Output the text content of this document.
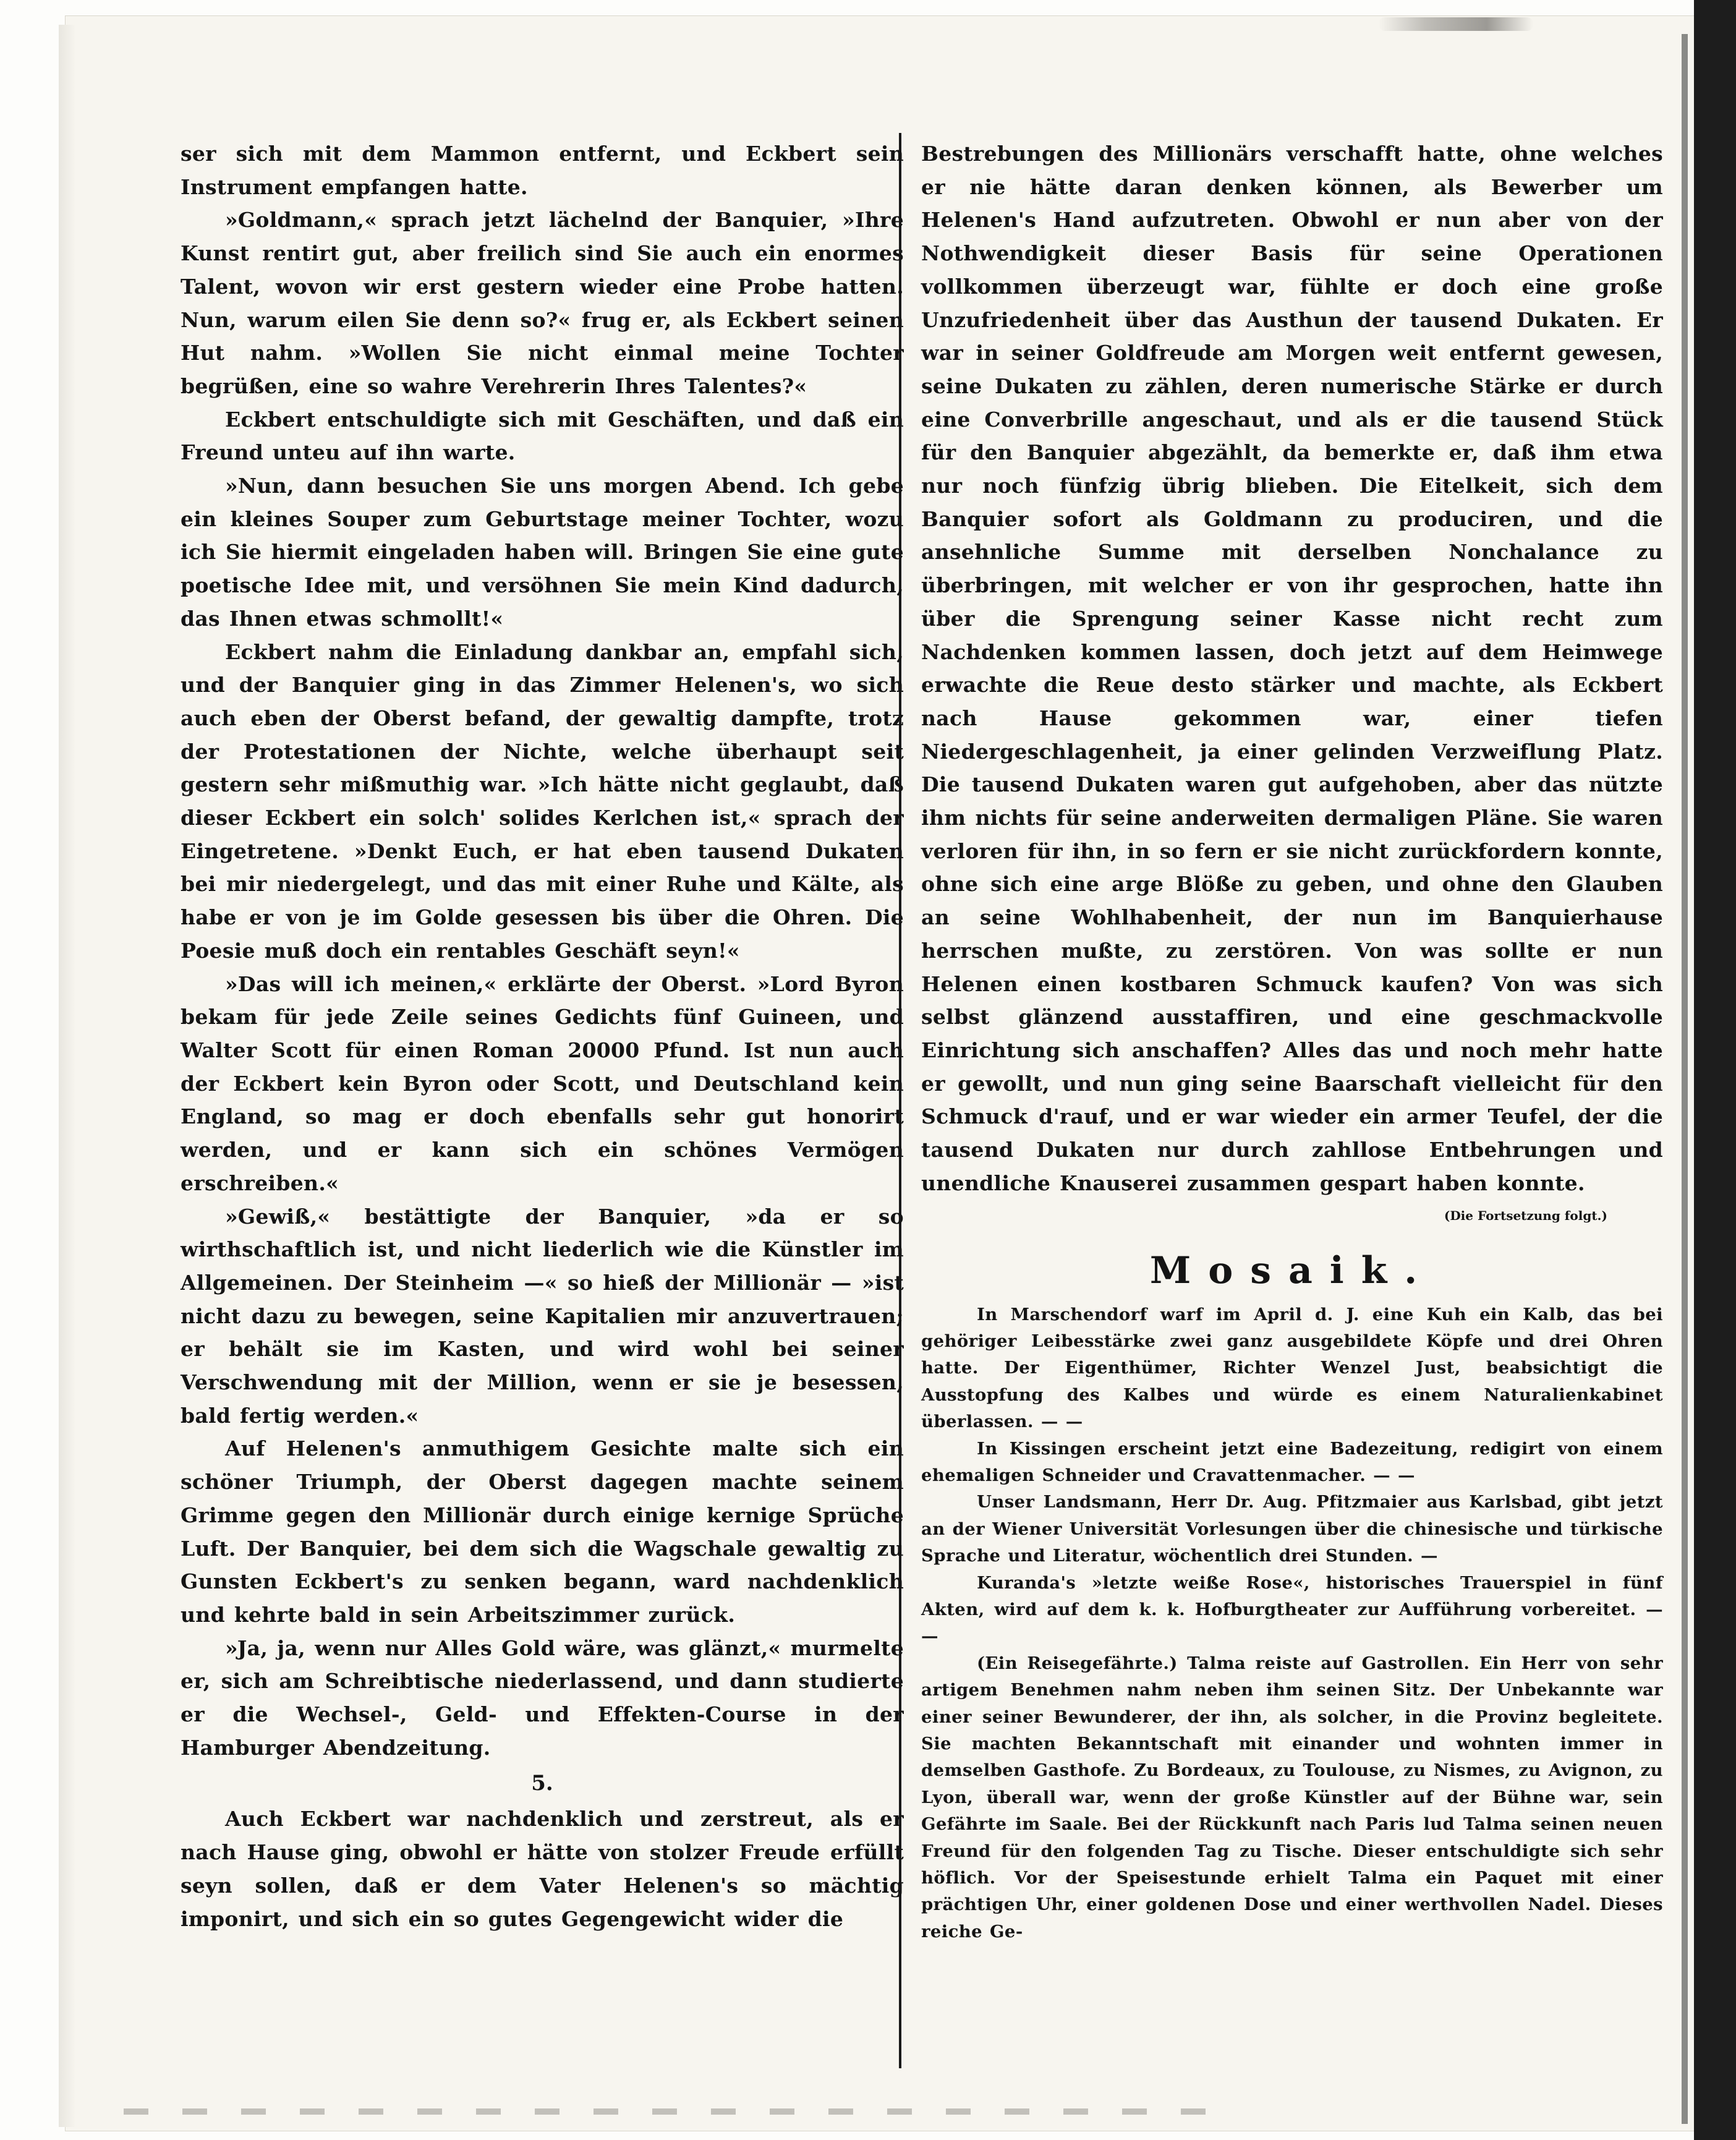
ser sich mit dem Mammon entfernt, und Eckbert sein Instrument empfangen hatte.

»Goldmann,« sprach jetzt lächelnd der Banquier, »Ihre Kunst rentirt gut, aber freilich sind Sie auch ein enormes Talent, wovon wir erst gestern wieder eine Probe hatten. Nun, warum eilen Sie denn so?« frug er, als Eckbert seinen Hut nahm. »Wollen Sie nicht einmal meine Tochter begrüßen, eine so wahre Verehrerin Ihres Talentes?«

Eckbert entschuldigte sich mit Geschäften, und daß ein Freund unteu auf ihn warte.

»Nun, dann besuchen Sie uns morgen Abend. Ich gebe ein kleines Souper zum Geburtstage meiner Tochter, wozu ich Sie hiermit eingeladen haben will. Bringen Sie eine gute poetische Idee mit, und versöhnen Sie mein Kind dadurch, das Ihnen etwas schmollt!«

Eckbert nahm die Einladung dankbar an, empfahl sich, und der Banquier ging in das Zimmer Helenen's, wo sich auch eben der Oberst befand, der gewaltig dampfte, trotz der Protestationen der Nichte, welche überhaupt seit gestern sehr mißmuthig war. »Ich hätte nicht geglaubt, daß dieser Eckbert ein solch' solides Kerlchen ist,« sprach der Eingetretene. »Denkt Euch, er hat eben tausend Dukaten bei mir niedergelegt, und das mit einer Ruhe und Kälte, als habe er von je im Golde gesessen bis über die Ohren. Die Poesie muß doch ein rentables Geschäft seyn!«

»Das will ich meinen,« erklärte der Oberst. »Lord Byron bekam für jede Zeile seines Gedichts fünf Guineen, und Walter Scott für einen Roman 20000 Pfund. Ist nun auch der Eckbert kein Byron oder Scott, und Deutschland kein England, so mag er doch ebenfalls sehr gut honorirt werden, und er kann sich ein schönes Vermögen erschreiben.«

»Gewiß,« bestättigte der Banquier, »da er so wirthschaftlich ist, und nicht liederlich wie die Künstler im Allgemeinen. Der Steinheim —« so hieß der Millionär — »ist nicht dazu zu bewegen, seine Kapitalien mir anzuvertrauen; er behält sie im Kasten, und wird wohl bei seiner Verschwendung mit der Million, wenn er sie je besessen, bald fertig werden.«

Auf Helenen's anmuthigem Gesichte malte sich ein schöner Triumph, der Oberst dagegen machte seinem Grimme gegen den Millionär durch einige kernige Sprüche Luft. Der Banquier, bei dem sich die Wagschale gewaltig zu Gunsten Eckbert's zu senken begann, ward nachdenklich und kehrte bald in sein Arbeitszimmer zurück.

»Ja, ja, wenn nur Alles Gold wäre, was glänzt,« murmelte er, sich am Schreibtische niederlassend, und dann studierte er die Wechsel-, Geld- und Effekten-Course in der Hamburger Abendzeitung.

5.

Auch Eckbert war nachdenklich und zerstreut, als er nach Hause ging, obwohl er hätte von stolzer Freude erfüllt seyn sollen, daß er dem Vater Helenen's so mächtig imponirt, und sich ein so gutes Gegengewicht wider die

Bestrebungen des Millionärs verschafft hatte, ohne welches er nie hätte daran denken können, als Bewerber um Helenen's Hand aufzutreten. Obwohl er nun aber von der Nothwendigkeit dieser Basis für seine Operationen vollkommen überzeugt war, fühlte er doch eine große Unzufriedenheit über das Austhun der tausend Dukaten. Er war in seiner Goldfreude am Morgen weit entfernt gewesen, seine Dukaten zu zählen, deren numerische Stärke er durch eine Converbrille angeschaut, und als er die tausend Stück für den Banquier abgezählt, da bemerkte er, daß ihm etwa nur noch fünfzig übrig blieben. Die Eitelkeit, sich dem Banquier sofort als Goldmann zu produciren, und die ansehnliche Summe mit derselben Nonchalance zu überbringen, mit welcher er von ihr gesprochen, hatte ihn über die Sprengung seiner Kasse nicht recht zum Nachdenken kommen lassen, doch jetzt auf dem Heimwege erwachte die Reue desto stärker und machte, als Eckbert nach Hause gekommen war, einer tiefen Niedergeschlagenheit, ja einer gelinden Verzweiflung Platz. Die tausend Dukaten waren gut aufgehoben, aber das nützte ihm nichts für seine anderweiten dermaligen Pläne. Sie waren verloren für ihn, in so fern er sie nicht zurückfordern konnte, ohne sich eine arge Blöße zu geben, und ohne den Glauben an seine Wohlhabenheit, der nun im Banquierhause herrschen mußte, zu zerstören. Von was sollte er nun Helenen einen kostbaren Schmuck kaufen? Von was sich selbst glänzend ausstaffiren, und eine geschmackvolle Einrichtung sich anschaffen? Alles das und noch mehr hatte er gewollt, und nun ging seine Baarschaft vielleicht für den Schmuck d'rauf, und er war wieder ein armer Teufel, der die tausend Dukaten nur durch zahllose Entbehrungen und unendliche Knauserei zusammen gespart haben konnte.

(Die Fortsetzung folgt.)
Mosaik.

In Marschendorf warf im April d. J. eine Kuh ein Kalb, das bei gehöriger Leibesstärke zwei ganz ausgebildete Köpfe und drei Ohren hatte. Der Eigenthümer, Richter Wenzel Just, beabsichtigt die Ausstopfung des Kalbes und würde es einem Naturalienkabinet überlassen. — —

In Kissingen erscheint jetzt eine Badezeitung, redigirt von einem ehemaligen Schneider und Cravattenmacher. — —

Unser Landsmann, Herr Dr. Aug. Pfitzmaier aus Karlsbad, gibt jetzt an der Wiener Universität Vorlesungen über die chinesische und türkische Sprache und Literatur, wöchentlich drei Stunden. —

Kuranda's »letzte weiße Rose«, historisches Trauerspiel in fünf Akten, wird auf dem k. k. Hofburgtheater zur Aufführung vorbereitet. — —

(Ein Reisegefährte.) Talma reiste auf Gastrollen. Ein Herr von sehr artigem Benehmen nahm neben ihm seinen Sitz. Der Unbekannte war einer seiner Bewunderer, der ihn, als solcher, in die Provinz begleitete. Sie machten Bekanntschaft mit einander und wohnten immer in demselben Gasthofe. Zu Bordeaux, zu Toulouse, zu Nismes, zu Avignon, zu Lyon, überall war, wenn der große Künstler auf der Bühne war, sein Gefährte im Saale. Bei der Rückkunft nach Paris lud Talma seinen neuen Freund für den folgenden Tag zu Tische. Dieser entschuldigte sich sehr höflich. Vor der Speisestunde erhielt Talma ein Paquet mit einer prächtigen Uhr, einer goldenen Dose und einer werthvollen Nadel. Dieses reiche Ge-
